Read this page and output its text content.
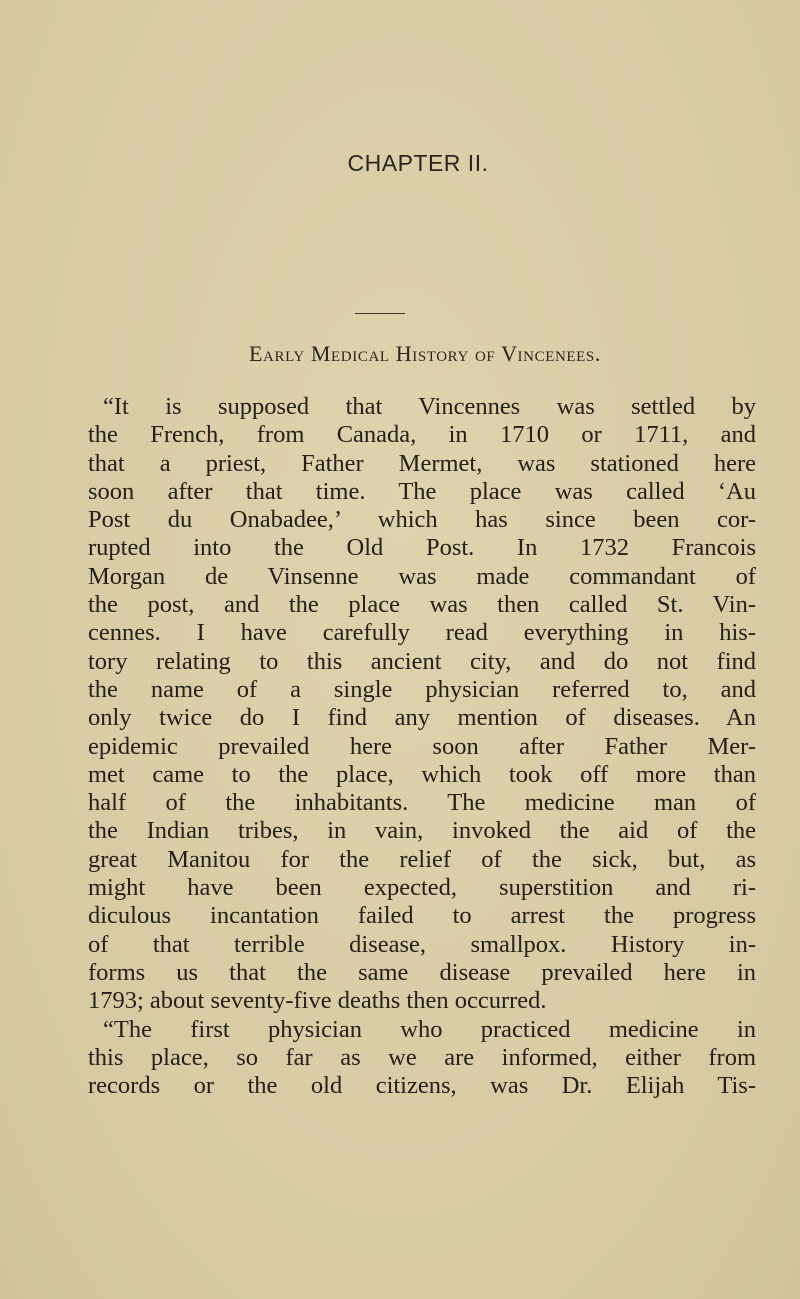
CHAPTER II.
Early Medical History of Vincenees.
“It is supposed that Vincennes was settled by
the French, from Canada, in 1710 or 1711, and
that a priest, Father Mermet, was stationed here
soon after that time. The place was called ‘Au
Post du Onabadee,’ which has since been cor-
rupted into the Old Post. In 1732 Francois
Morgan de Vinsenne was made commandant of
the post, and the place was then called St. Vin-
cennes. I have carefully read everything in his-
tory relating to this ancient city, and do not find
the name of a single physician referred to, and
only twice do I find any mention of diseases. An
epidemic prevailed here soon after Father Mer-
met came to the place, which took off more than
half of the inhabitants. The medicine man of
the Indian tribes, in vain, invoked the aid of the
great Manitou for the relief of the sick, but, as
might have been expected, superstition and ri-
diculous incantation failed to arrest the progress
of that terrible disease, smallpox. History in-
forms us that the same disease prevailed here in
1793; about seventy-five deaths then occurred.
“The first physician who practiced medicine in
this place, so far as we are informed, either from
records or the old citizens, was Dr. Elijah Tis-
